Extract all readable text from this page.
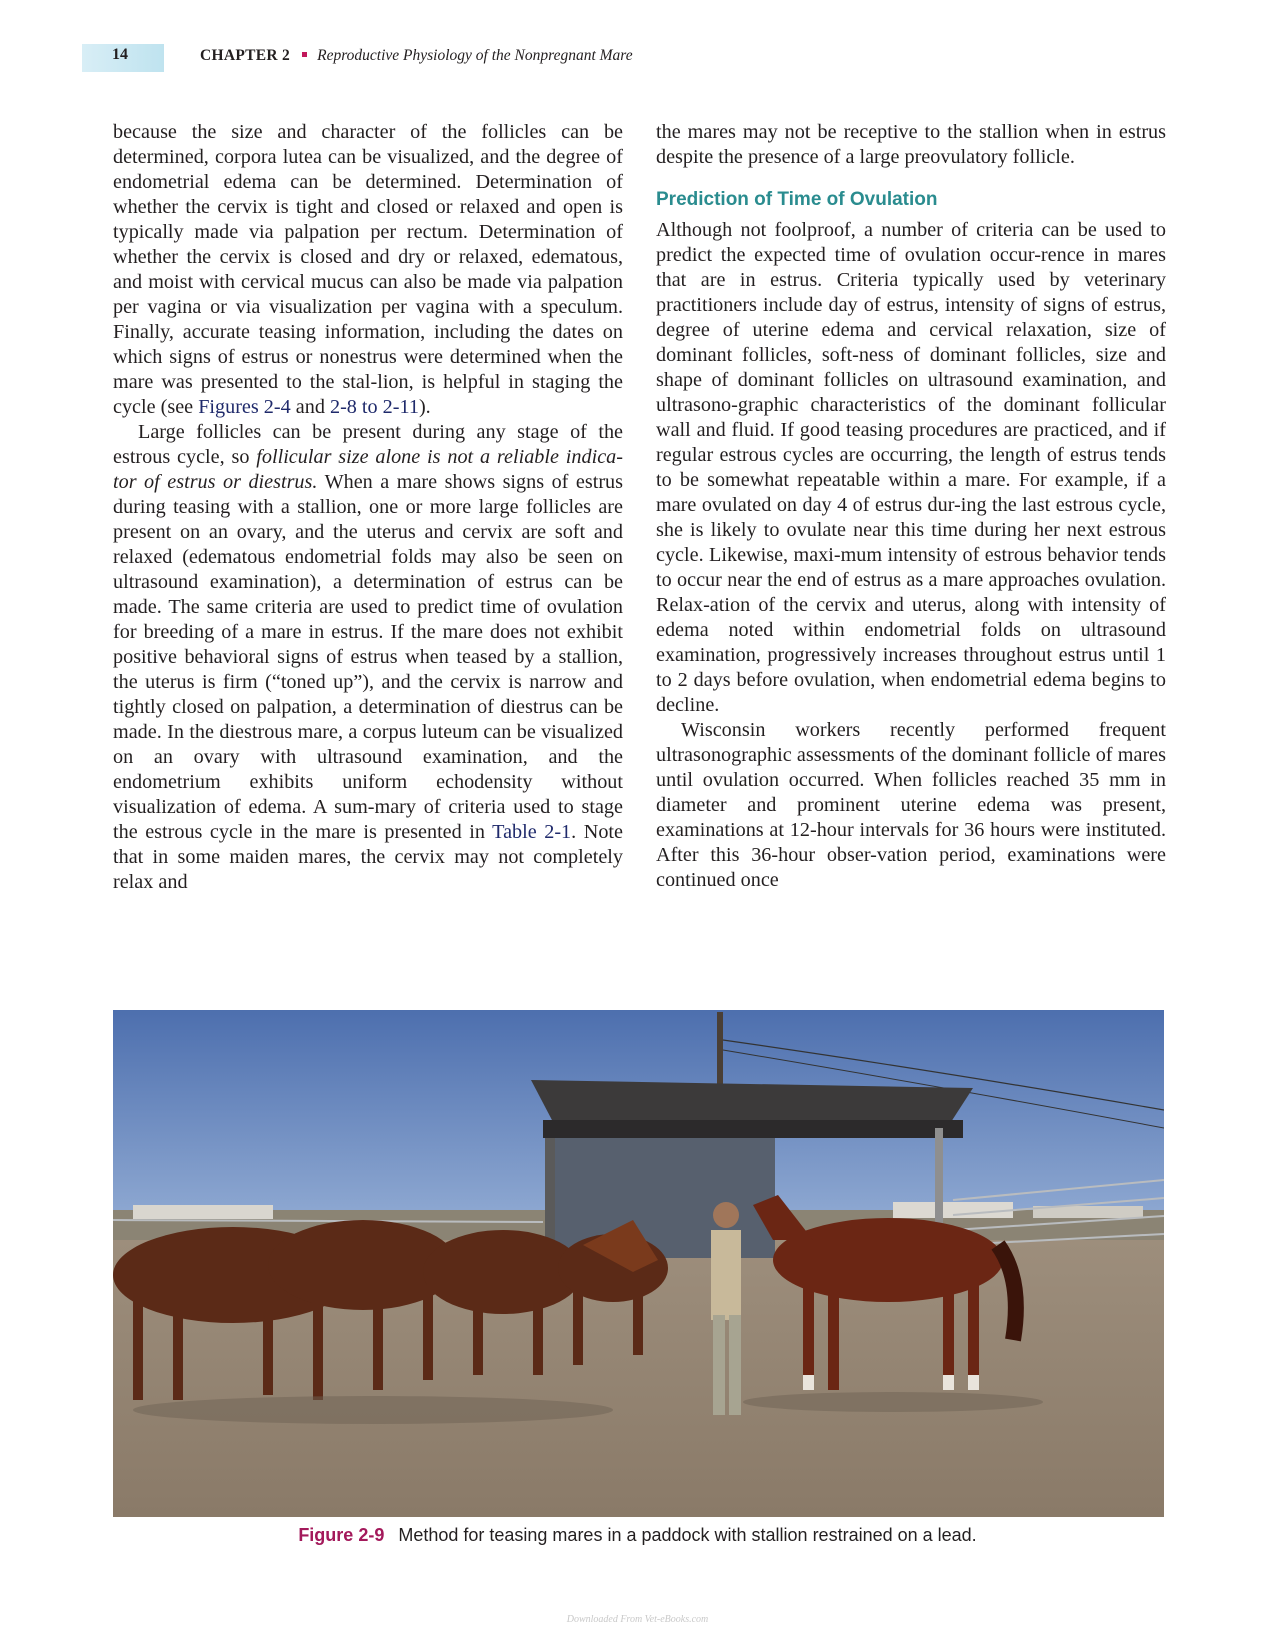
14	CHAPTER 2 Reproductive Physiology of the Nonpregnant Mare

because the size and character of the follicles can be determined, corpora lutea can be visualized, and the degree of endometrial edema can be determined. Determination of whether the cervix is tight and closed or relaxed and open is typically made via palpation per rectum. Determination of whether the cervix is closed and dry or relaxed, edematous, and moist with cervical mucus can also be made via palpation per vagina or via visualization per vagina with a speculum. Finally, accurate teasing information, including the dates on which signs of estrus or nonestrus were determined when the mare was presented to the stal-lion, is helpful in staging the cycle (see Figures 2-4 and 2-8 to 2-11).

Large follicles can be present during any stage of the estrous cycle, so follicular size alone is not a reliable indica-tor of estrus or diestrus. When a mare shows signs of estrus during teasing with a stallion, one or more large follicles are present on an ovary, and the uterus and cervix are soft and relaxed (edematous endometrial folds may also be seen on ultrasound examination), a determination of estrus can be made. The same criteria are used to predict time of ovulation for breeding of a mare in estrus. If the mare does not exhibit positive behavioral signs of estrus when teased by a stallion, the uterus is firm (“toned up”), and the cervix is narrow and tightly closed on palpation, a determination of diestrus can be made. In the diestrous mare, a corpus luteum can be visualized on an ovary with ultrasound examination, and the endometrium exhibits uniform echodensity without visualization of edema. A sum-mary of criteria used to stage the estrous cycle in the mare is presented in Table 2-1. Note that in some maiden mares, the cervix may not completely relax and

the mares may not be receptive to the stallion when in estrus despite the presence of a large preovulatory follicle.

Prediction of Time of Ovulation

Although not foolproof, a number of criteria can be used to predict the expected time of ovulation occur-rence in mares that are in estrus. Criteria typically used by veterinary practitioners include day of estrus, intensity of signs of estrus, degree of uterine edema and cervical relaxation, size of dominant follicles, soft-ness of dominant follicles, size and shape of dominant follicles on ultrasound examination, and ultrasono-graphic characteristics of the dominant follicular wall and fluid. If good teasing procedures are practiced, and if regular estrous cycles are occurring, the length of estrus tends to be somewhat repeatable within a mare. For example, if a mare ovulated on day 4 of estrus dur-ing the last estrous cycle, she is likely to ovulate near this time during her next estrous cycle. Likewise, maxi-mum intensity of estrous behavior tends to occur near the end of estrus as a mare approaches ovulation. Relax-ation of the cervix and uterus, along with intensity of edema noted within endometrial folds on ultrasound examination, progressively increases throughout estrus until 1 to 2 days before ovulation, when endometrial edema begins to decline.

Wisconsin workers recently performed frequent ultrasonographic assessments of the dominant follicle of mares until ovulation occurred. When follicles reached 35 mm in diameter and prominent uterine edema was present, examinations at 12-hour intervals for 36 hours were instituted. After this 36-hour obser-vation period, examinations were continued once

Figure 2-9 Method for teasing mares in a paddock with stallion restrained on a lead.
Downloaded From Vet-eBooks.com
